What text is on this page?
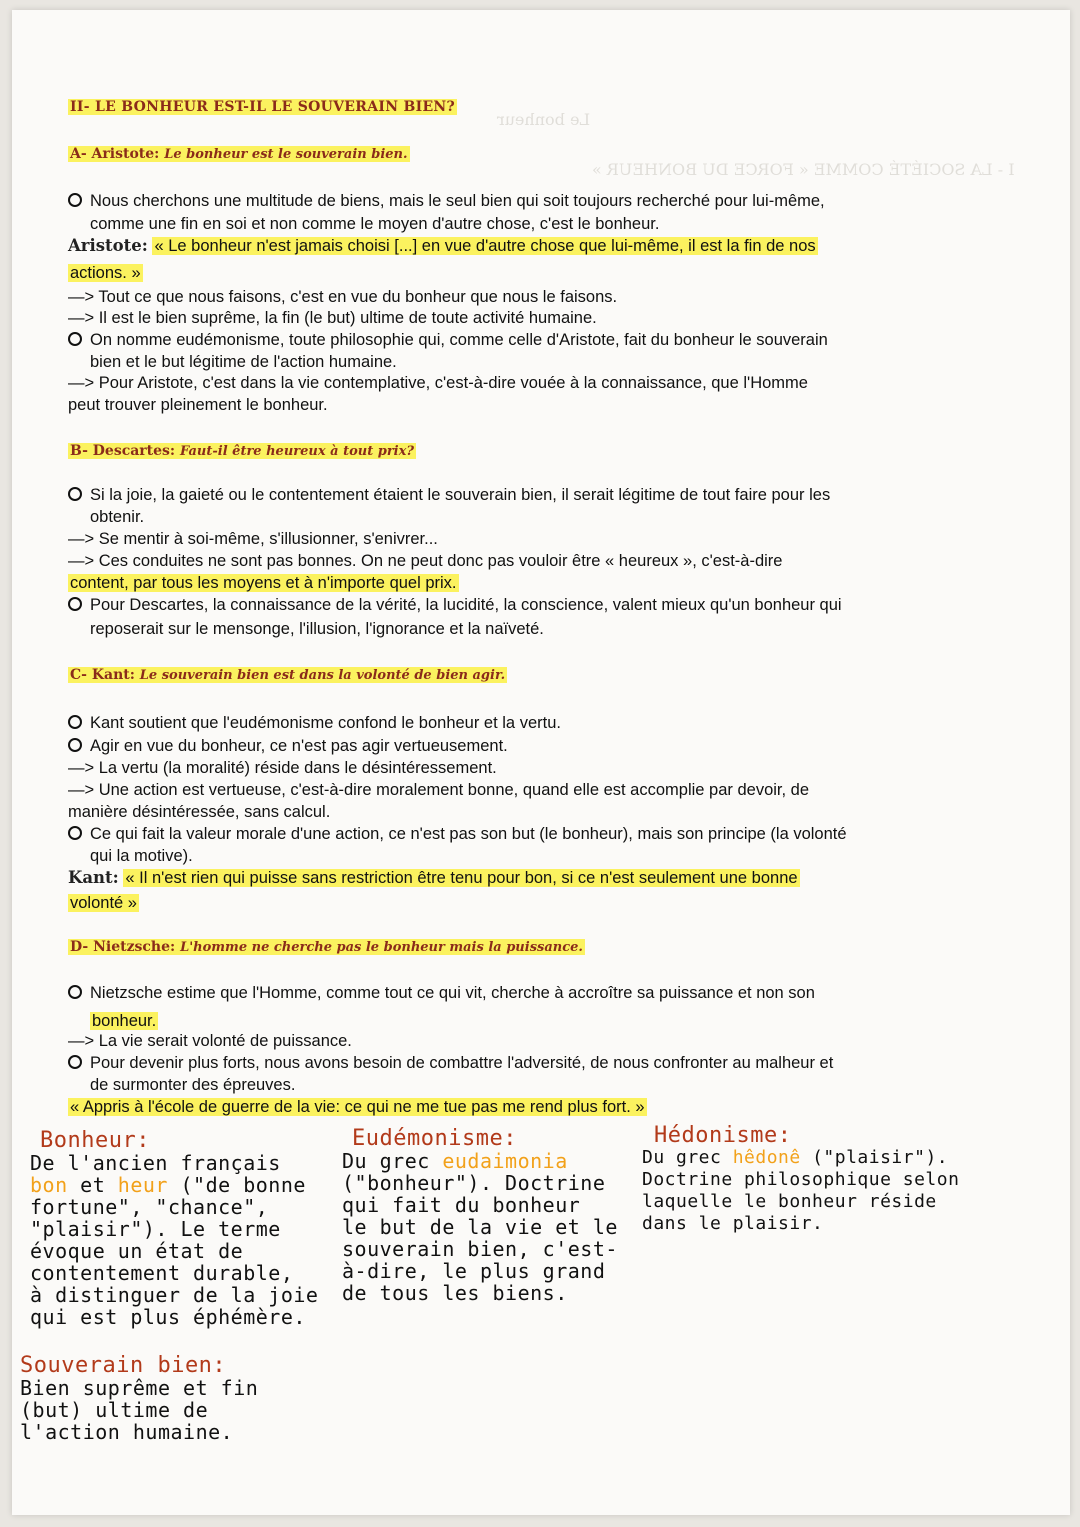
Le bonheur
I - LA SOCIÉTÉ COMME « FORCE DU BONHEUR »
II- LE BONHEUR EST-IL LE SOUVERAIN BIEN?
A- Aristote: Le bonheur est le souverain bien.
Nous cherchons une multitude de biens, mais le seul bien qui soit toujours recherché pour lui-même,
comme une fin en soi et non comme le moyen d'autre chose, c'est le bonheur.
Aristote: « Le bonheur n'est jamais choisi [...] en vue d'autre chose que lui-même, il est la fin de nos
actions. »
—> Tout ce que nous faisons, c'est en vue du bonheur que nous le faisons.
—> Il est le bien suprême, la fin (le but) ultime de toute activité humaine.
On nomme eudémonisme, toute philosophie qui, comme celle d'Aristote, fait du bonheur le souverain
bien et le but légitime de l'action humaine.
—> Pour Aristote, c'est dans la vie contemplative, c'est-à-dire vouée à la connaissance, que l'Homme
peut trouver pleinement le bonheur.
B- Descartes: Faut-il être heureux à tout prix?
Si la joie, la gaieté ou le contentement étaient le souverain bien, il serait légitime de tout faire pour les
obtenir.
—> Se mentir à soi-même, s'illusionner, s'enivrer...
—> Ces conduites ne sont pas bonnes. On ne peut donc pas vouloir être « heureux », c'est-à-dire
content, par tous les moyens et à n'importe quel prix.
Pour Descartes, la connaissance de la vérité, la lucidité, la conscience, valent mieux qu'un bonheur qui
reposerait sur le mensonge, l'illusion, l'ignorance et la naïveté.
C- Kant: Le souverain bien est dans la volonté de bien agir.
Kant soutient que l'eudémonisme confond le bonheur et la vertu.
Agir en vue du bonheur, ce n'est pas agir vertueusement.
—> La vertu (la moralité) réside dans le désintéressement.
—> Une action est vertueuse, c'est-à-dire moralement bonne, quand elle est accomplie par devoir, de
manière désintéressée, sans calcul.
Ce qui fait la valeur morale d'une action, ce n'est pas son but (le bonheur), mais son principe (la volonté
qui la motive).
Kant: « Il n'est rien qui puisse sans restriction être tenu pour bon, si ce n'est seulement une bonne
volonté »
D- Nietzsche: L'homme ne cherche pas le bonheur mais la puissance.
Nietzsche estime que l'Homme, comme tout ce qui vit, cherche à accroître sa puissance et non son
bonheur.
—> La vie serait volonté de puissance.
Pour devenir plus forts, nous avons besoin de combattre l'adversité, de nous confronter au malheur et
de surmonter des épreuves.
« Appris à l'école de guerre de la vie: ce qui ne me tue pas me rend plus fort. »
Bonheur:
De l'ancien français
bon et heur ("de bonne
fortune", "chance",
"plaisir"). Le terme
évoque un état de
contentement durable,
à distinguer de la joie
qui est plus éphémère.
Eudémonisme:
Du grec eudaimonia
("bonheur"). Doctrine
qui fait du bonheur
le but de la vie et le
souverain bien, c'est-
à-dire, le plus grand
de tous les biens.
Hédonisme:
Du grec hêdonê ("plaisir").
Doctrine philosophique selon
laquelle le bonheur réside
dans le plaisir.
Souverain bien:
Bien suprême et fin
(but) ultime de
l'action humaine.
